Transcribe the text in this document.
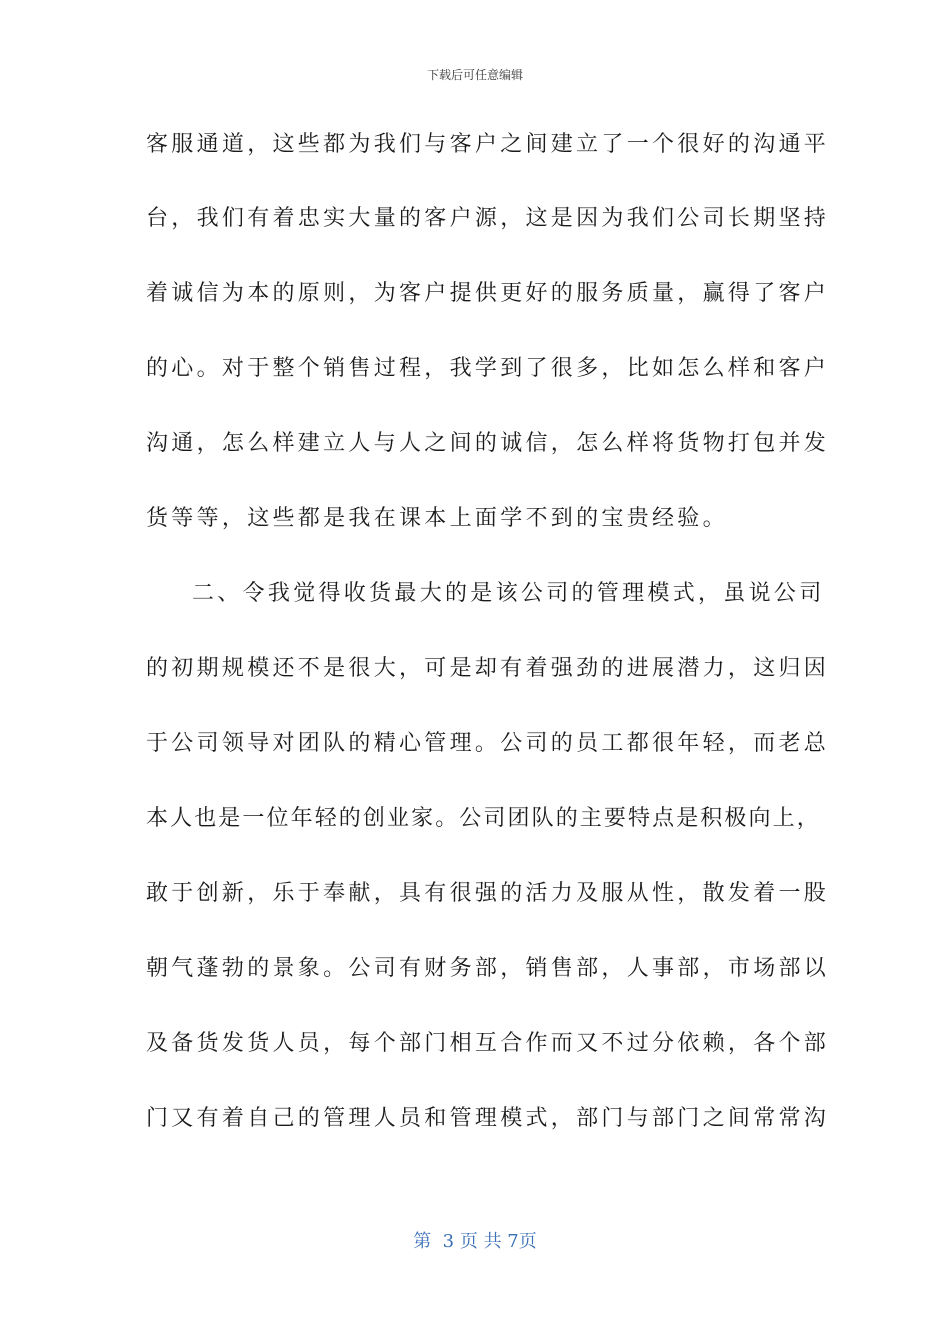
下载后可任意编辑
客服通道，这些都为我们与客户之间建立了一个很好的沟通平
台，我们有着忠实大量的客户源，这是因为我们公司长期坚持
着诚信为本的原则，为客户提供更好的服务质量，赢得了客户
的心。对于整个销售过程，我学到了很多，比如怎么样和客户
沟通，怎么样建立人与人之间的诚信，怎么样将货物打包并发
货等等，这些都是我在课本上面学不到的宝贵经验。
二、令我觉得收货最大的是该公司的管理模式，虽说公司
的初期规模还不是很大，可是却有着强劲的进展潜力，这归因
于公司领导对团队的精心管理。公司的员工都很年轻，而老总
本人也是一位年轻的创业家。公司团队的主要特点是积极向上，
敢于创新，乐于奉献，具有很强的活力及服从性，散发着一股
朝气蓬勃的景象。公司有财务部，销售部，人事部，市场部以
及备货发货人员，每个部门相互合作而又不过分依赖，各个部
门又有着自己的管理人员和管理模式，部门与部门之间常常沟
第  3 页 共 7页
